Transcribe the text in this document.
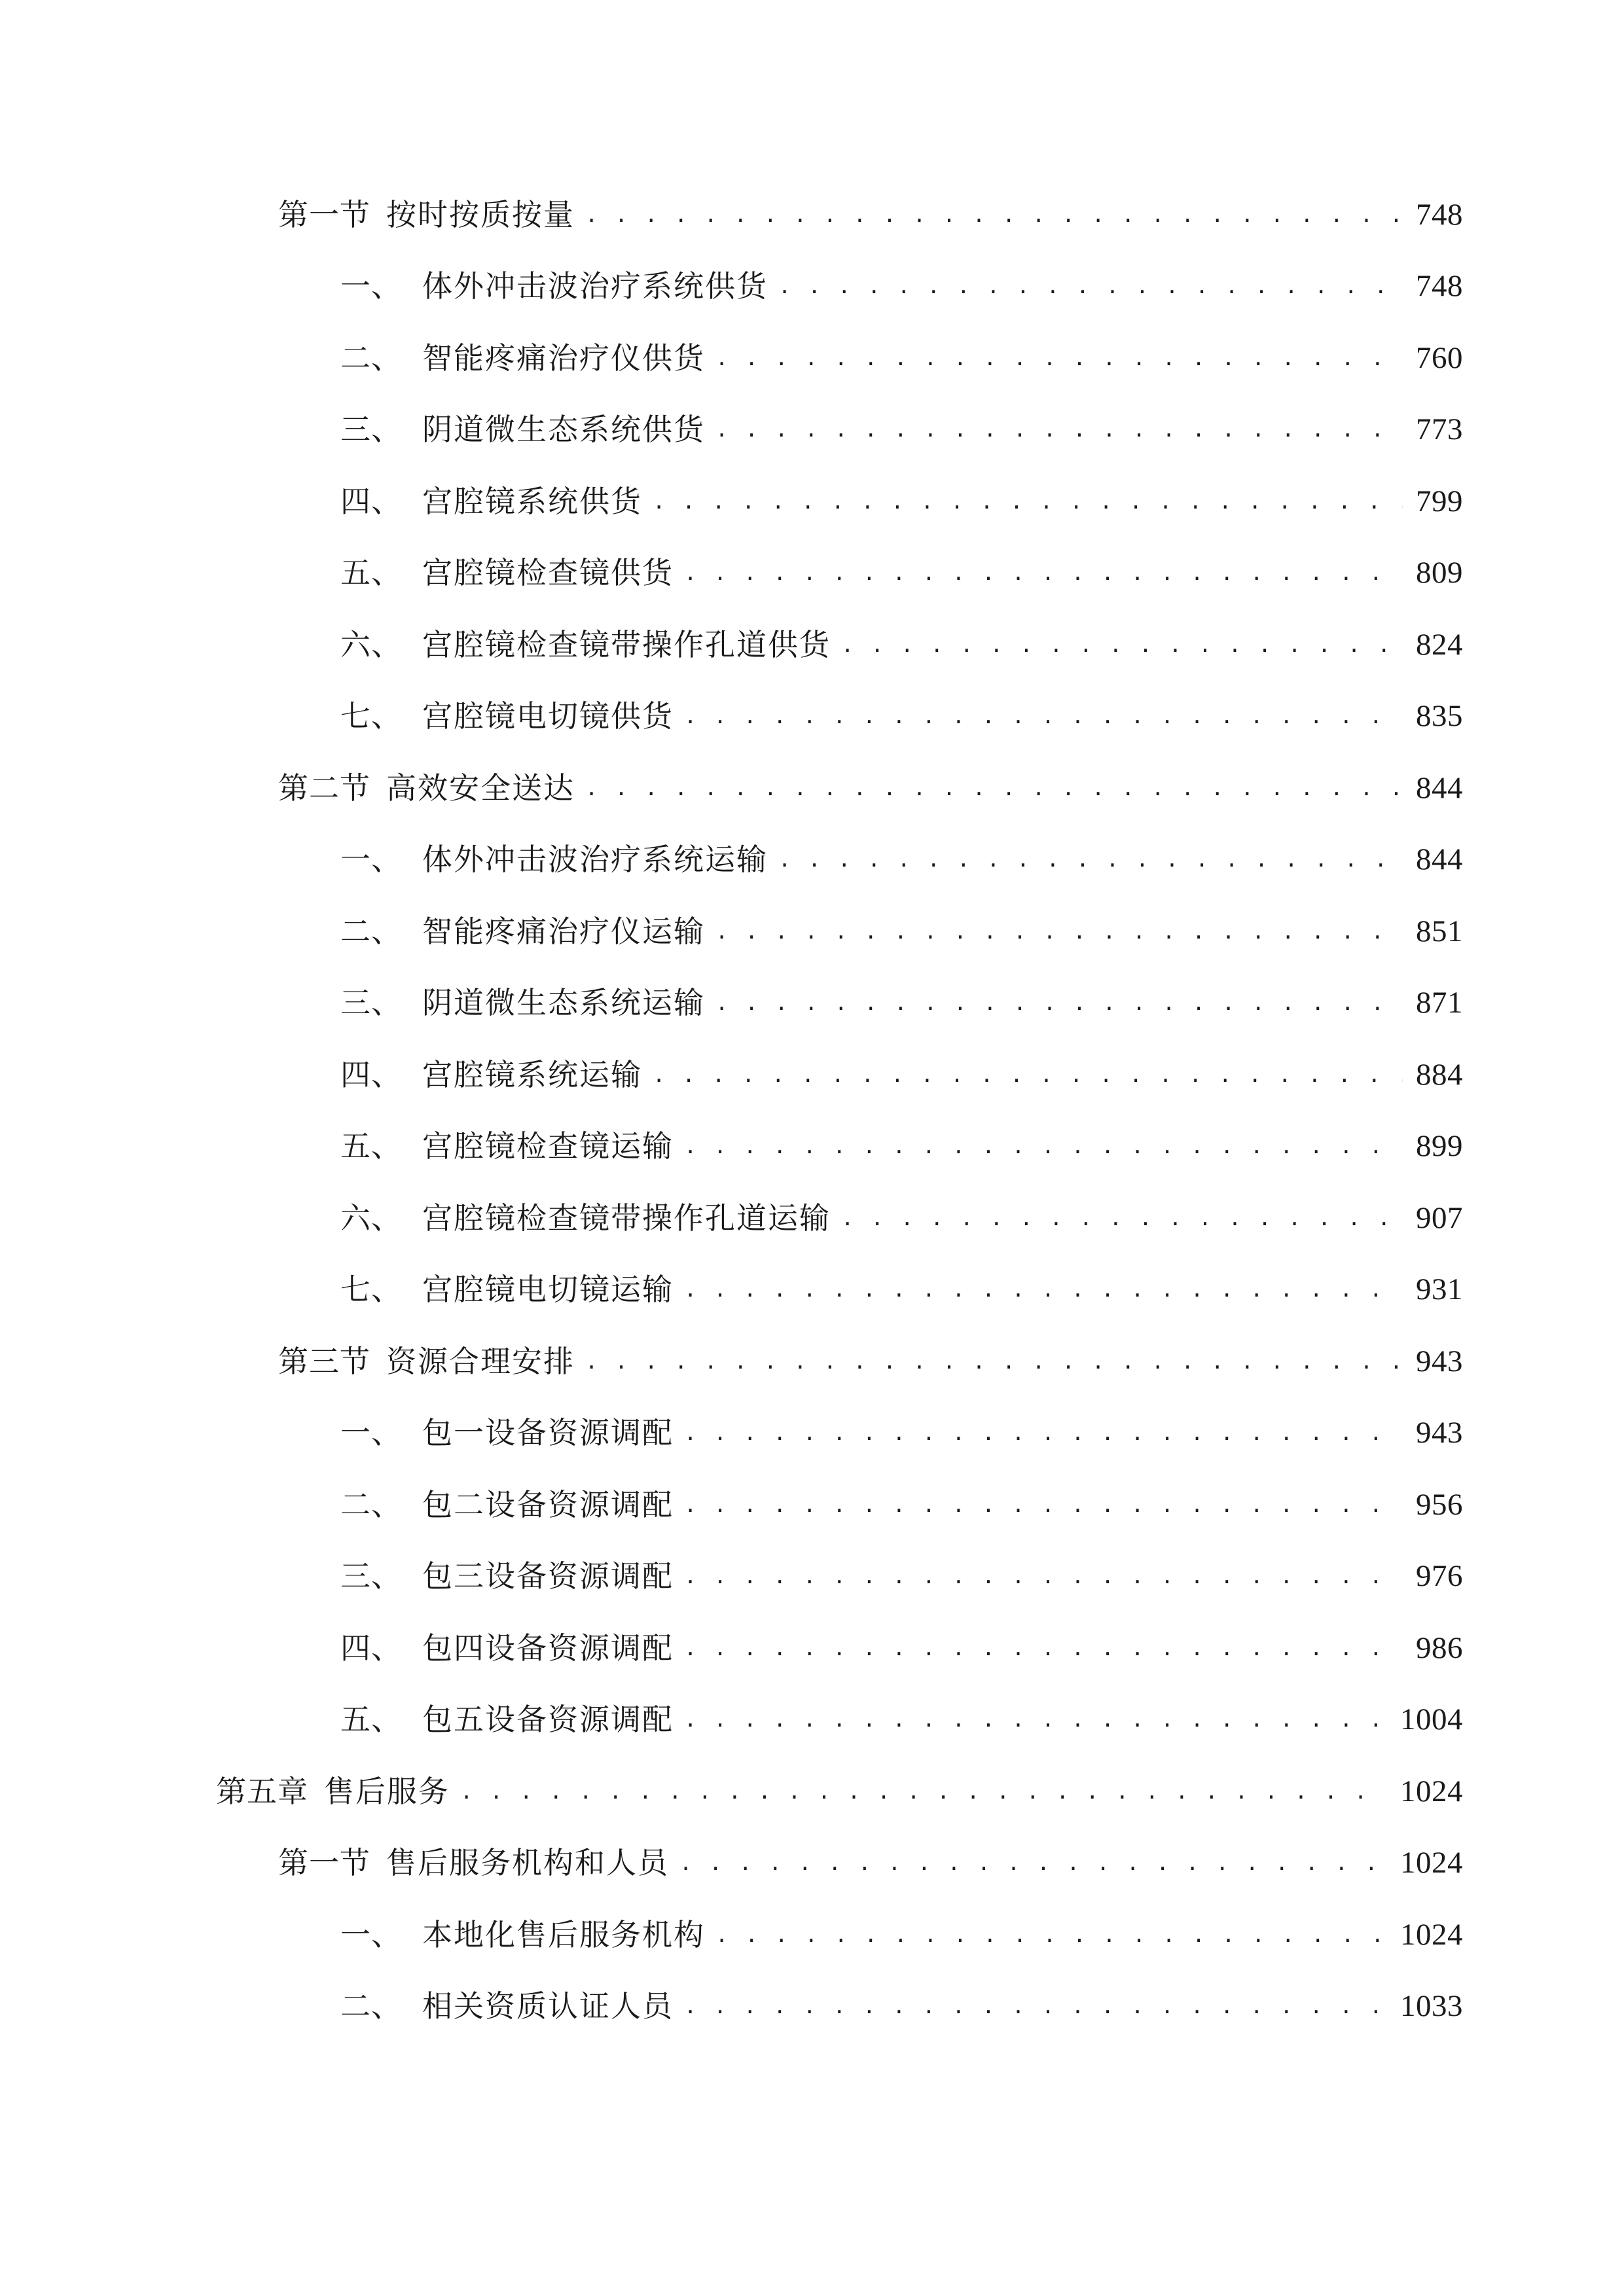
第一节 按时按质按量 . . .	748
一、 体外冲击波治疗系统供货 . . .	748
二、 智能疼痛治疗仪供货 . . .	760
三、 阴道微生态系统供货 . . .	773
四、 宫腔镜系统供货 . . .	799
五、 宫腔镜检查镜供货 . . .	809
六、 宫腔镜检查镜带操作孔道供货 . . .	824
七、 宫腔镜电切镜供货 . . .	835
第二节 高效安全送达 . . .	844
一、 体外冲击波治疗系统运输 . . .	844
二、 智能疼痛治疗仪运输 . . .	851
三、 阴道微生态系统运输 . . .	871
四、 宫腔镜系统运输 . . .	884
五、 宫腔镜检查镜运输 . . .	899
六、 宫腔镜检查镜带操作孔道运输 . . .	907
七、 宫腔镜电切镜运输 . . .	931
第三节 资源合理安排 . . .	943
一、 包一设备资源调配 . . .	943
二、 包二设备资源调配 . . .	956
三、 包三设备资源调配 . . .	976
四、 包四设备资源调配 . . .	986
五、 包五设备资源调配 . . .	1004
第五章 售后服务 . . .	1024
第一节 售后服务机构和人员 . . .	1024
一、 本地化售后服务机构 . . .	1024
二、 相关资质认证人员 . . .	1033
